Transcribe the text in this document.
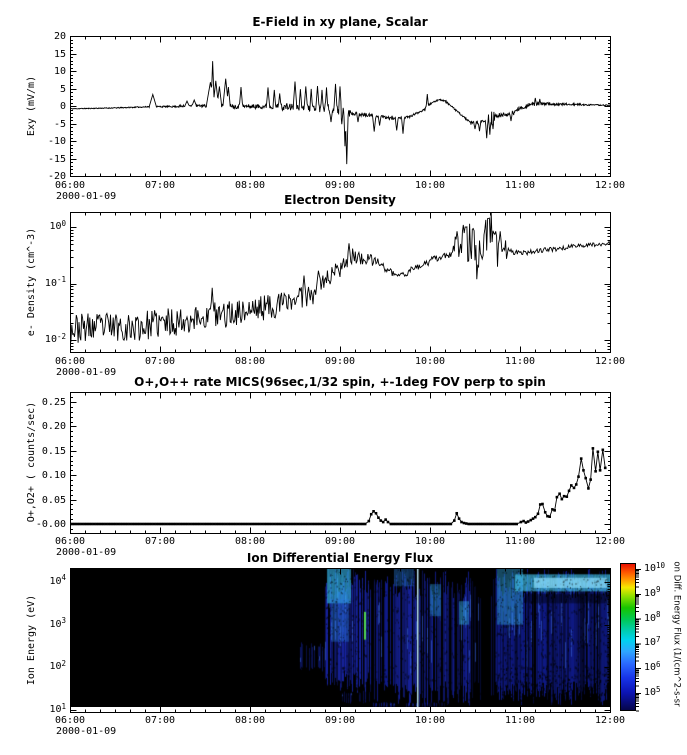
E-Field in xy plane, Scalar
Electron Density
O+,O++ rate MICS(96sec,1/32 spin, +-1deg FOV perp to spin
Ion Differential Energy Flux
Exy (mV/m)
e- Density (cm^-3)
O+,O2+ ( counts/sec)
Ion Energy (eV)
2000-01-09
2000-01-09
2000-01-09
2000-01-09
on Diff. Energy Flux (1/(cm^2-s-sr
20
15
10
5
0
-5
-10
-15
-20
06:00	07:00	08:00	09:00	10:00	11:00	12:00
$10^0$
$10^{-1}$
$10^{-2}$
06:00	07:00	08:00	09:00	10:00	11:00	12:00
0.25
0.20
0.15
0.10
0.05
-0.00
06:00	07:00	08:00	09:00	10:00	11:00	12:00
$10^4$
$10^3$
$10^2$
$10^1$
06:00	07:00	08:00	09:00	10:00	11:00	12:00
$10^{10}$
$10^9$
$10^8$
$10^7$
$10^6$
$10^5$
